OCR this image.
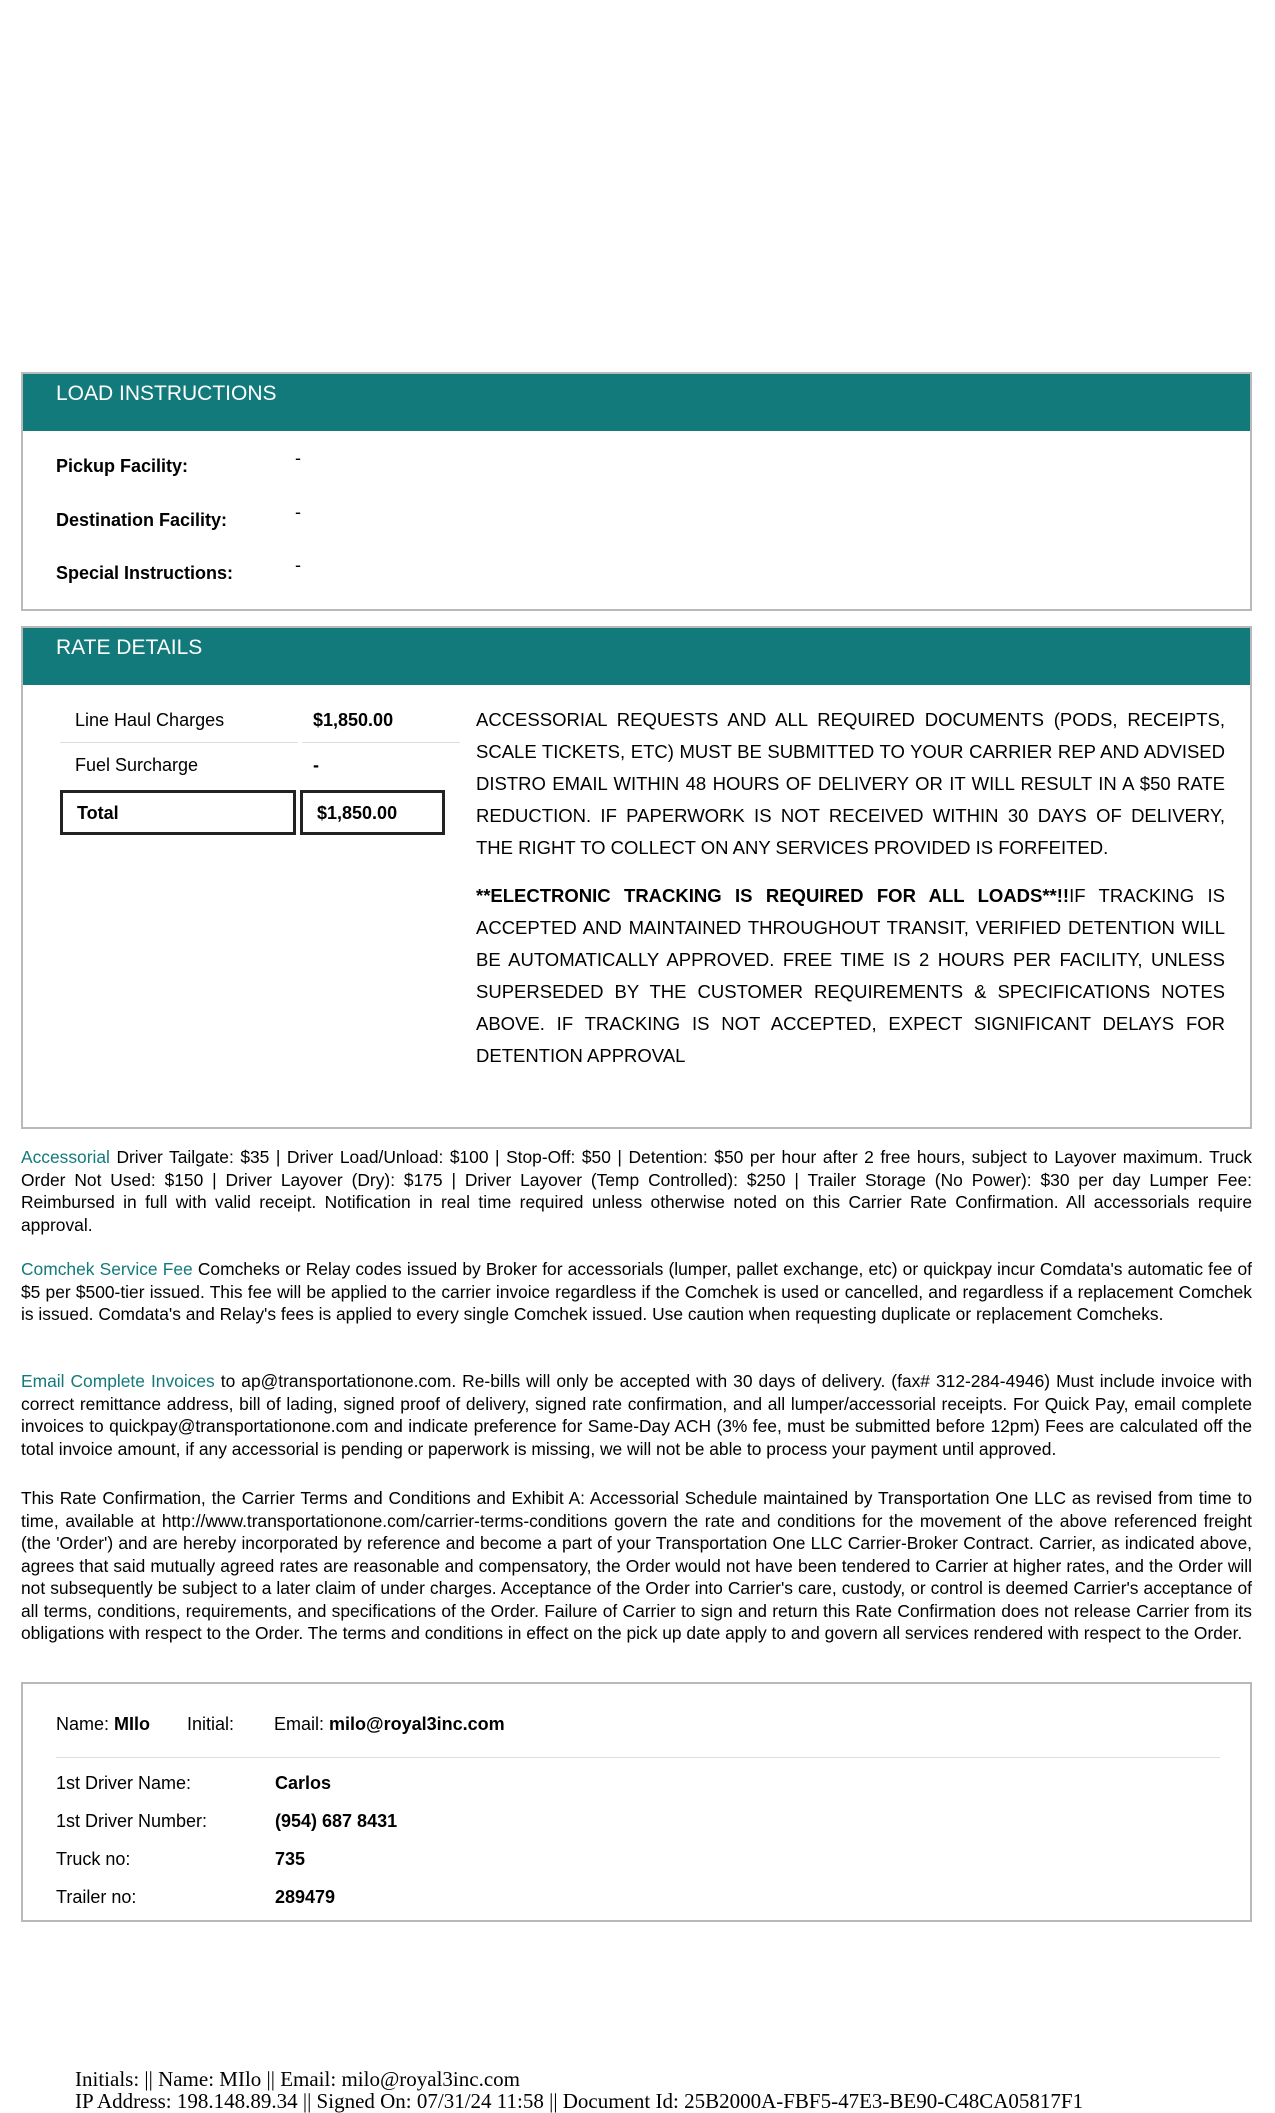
LOAD INSTRUCTIONS
Pickup Facility:	-
Destination Facility:	-
Special Instructions:	-
RATE DETAILS
Line Haul Charges	$1,850.00
Fuel Surcharge	-
Total	$1,850.00

ACCESSORIAL REQUESTS AND ALL REQUIRED DOCUMENTS (PODS, RECEIPTS, SCALE TICKETS, ETC) MUST BE SUBMITTED TO YOUR CARRIER REP AND ADVISED DISTRO EMAIL WITHIN 48 HOURS OF DELIVERY OR IT WILL RESULT IN A $50 RATE REDUCTION. IF PAPERWORK IS NOT RECEIVED WITHIN 30 DAYS OF DELIVERY, THE RIGHT TO COLLECT ON ANY SERVICES PROVIDED IS FORFEITED.

**ELECTRONIC TRACKING IS REQUIRED FOR ALL LOADS**!!IF TRACKING IS ACCEPTED AND MAINTAINED THROUGHOUT TRANSIT, VERIFIED DETENTION WILL BE AUTOMATICALLY APPROVED. FREE TIME IS 2 HOURS PER FACILITY, UNLESS SUPERSEDED BY THE CUSTOMER REQUIREMENTS & SPECIFICATIONS NOTES ABOVE. IF TRACKING IS NOT ACCEPTED, EXPECT SIGNIFICANT DELAYS FOR DETENTION APPROVAL

Accessorial Driver Tailgate: $35 | Driver Load/Unload: $100 | Stop-Off: $50 | Detention: $50 per hour after 2 free hours, subject to Layover maximum. Truck Order Not Used: $150 | Driver Layover (Dry): $175 | Driver Layover (Temp Controlled): $250 | Trailer Storage (No Power): $30 per day Lumper Fee: Reimbursed in full with valid receipt. Notification in real time required unless otherwise noted on this Carrier Rate Confirmation. All accessorials require approval.
Comchek Service Fee Comcheks or Relay codes issued by Broker for accessorials (lumper, pallet exchange, etc) or quickpay incur Comdata's automatic fee of $5 per $500-tier issued. This fee will be applied to the carrier invoice regardless if the Comchek is used or cancelled, and regardless if a replacement Comchek is issued. Comdata's and Relay's fees is applied to every single Comchek issued. Use caution when requesting duplicate or replacement Comcheks.
Email Complete Invoices to ap@transportationone.com. Re-bills will only be accepted with 30 days of delivery. (fax# 312-284-4946) Must include invoice with correct remittance address, bill of lading, signed proof of delivery, signed rate confirmation, and all lumper/accessorial receipts. For Quick Pay, email complete invoices to quickpay@transportationone.com and indicate preference for Same-Day ACH (3% fee, must be submitted before 12pm) Fees are calculated off the total invoice amount, if any accessorial is pending or paperwork is missing, we will not be able to process your payment until approved.
This Rate Confirmation, the Carrier Terms and Conditions and Exhibit A: Accessorial Schedule maintained by Transportation One LLC as revised from time to time, available at http://www.transportationone.com/carrier-terms-conditions govern the rate and conditions for the movement of the above referenced freight (the 'Order') and are hereby incorporated by reference and become a part of your Transportation One LLC Carrier-Broker Contract. Carrier, as indicated above, agrees that said mutually agreed rates are reasonable and compensatory, the Order would not have been tendered to Carrier at higher rates, and the Order will not subsequently be subject to a later claim of under charges. Acceptance of the Order into Carrier's care, custody, or control is deemed Carrier's acceptance of all terms, conditions, requirements, and specifications of the Order. Failure of Carrier to sign and return this Rate Confirmation does not release Carrier from its obligations with respect to the Order. The terms and conditions in effect on the pick up date apply to and govern all services rendered with respect to the Order.
Name: MIlo Initial: Email: milo@royal3inc.com
1st Driver Name:	Carlos
1st Driver Number:	(954) 687 8431
Truck no:	735
Trailer no:	289479
Initials: || Name: MIlo || Email: milo@royal3inc.com
IP Address: 198.148.89.34 || Signed On: 07/31/24 11:58 || Document Id: 25B2000A-FBF5-47E3-BE90-C48CA05817F1
